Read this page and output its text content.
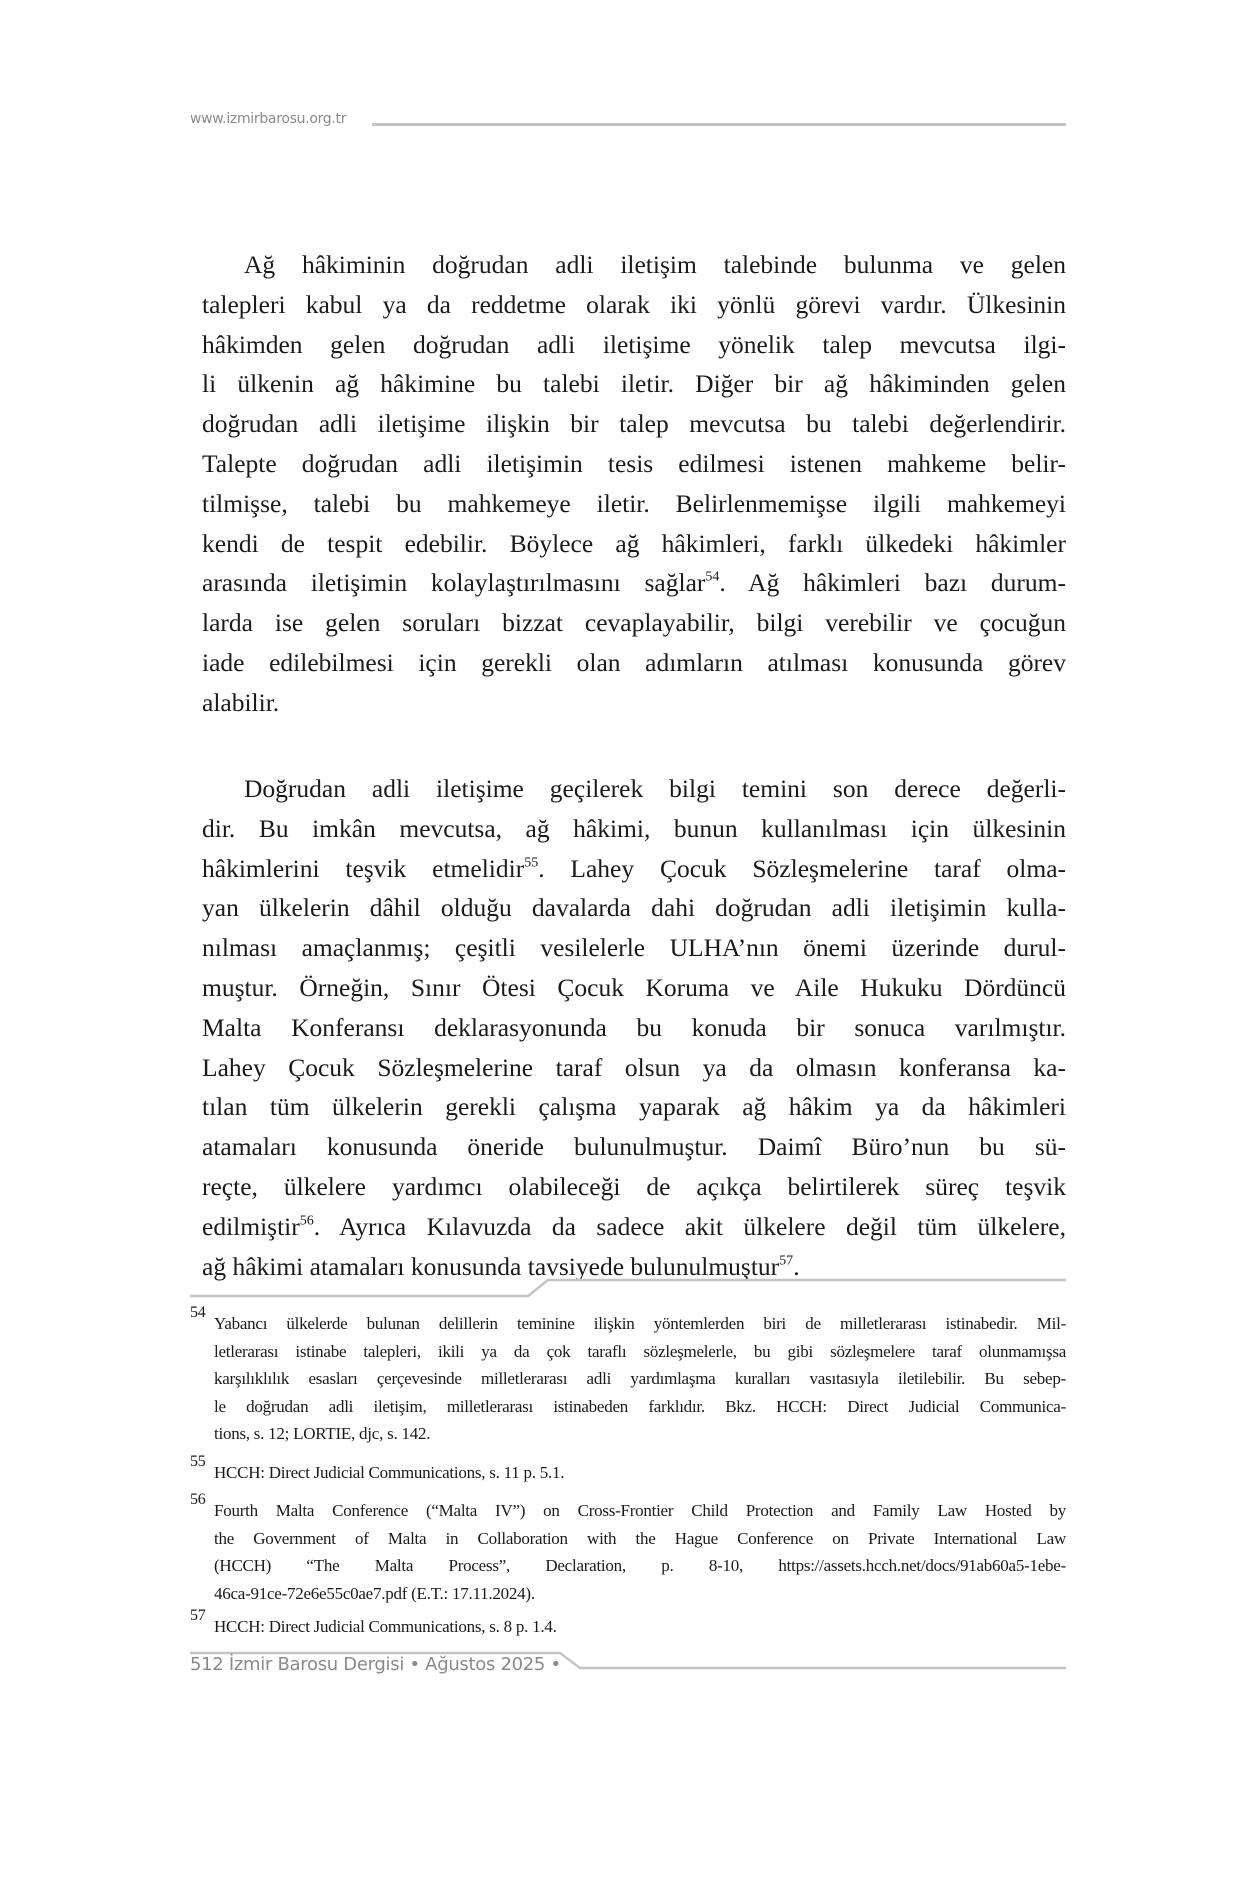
www.izmirbarosu.org.tr
Ağ hâkiminin doğrudan adli iletişim talebinde bulunma ve gelen
talepleri kabul ya da reddetme olarak iki yönlü görevi vardır. Ülkesinin
hâkimden gelen doğrudan adli iletişime yönelik talep mevcutsa ilgi-
li ülkenin ağ hâkimine bu talebi iletir. Diğer bir ağ hâkiminden gelen
doğrudan adli iletişime ilişkin bir talep mevcutsa bu talebi değerlendirir.
Talepte doğrudan adli iletişimin tesis edilmesi istenen mahkeme belir-
tilmişse, talebi bu mahkemeye iletir. Belirlenmemişse ilgili mahkemeyi
kendi de tespit edebilir. Böylece ağ hâkimleri, farklı ülkedeki hâkimler
arasında iletişimin kolaylaştırılmasını sağlar$^{54}$. Ağ hâkimleri bazı durum-
larda ise gelen soruları bizzat cevaplayabilir, bilgi verebilir ve çocuğun
iade edilebilmesi için gerekli olan adımların atılması konusunda görev
alabilir.
Doğrudan adli iletişime geçilerek bilgi temini son derece değerli-
dir. Bu imkân mevcutsa, ağ hâkimi, bunun kullanılması için ülkesinin
hâkimlerini teşvik etmelidir$^{55}$. Lahey Çocuk Sözleşmelerine taraf olma-
yan ülkelerin dâhil olduğu davalarda dahi doğrudan adli iletişimin kulla-
nılması amaçlanmış; çeşitli vesilelerle ULHA’nın önemi üzerinde durul-
muştur. Örneğin, Sınır Ötesi Çocuk Koruma ve Aile Hukuku Dördüncü
Malta Konferansı deklarasyonunda bu konuda bir sonuca varılmıştır.
Lahey Çocuk Sözleşmelerine taraf olsun ya da olmasın konferansa ka-
tılan tüm ülkelerin gerekli çalışma yaparak ağ hâkim ya da hâkimleri
atamaları konusunda öneride bulunulmuştur. Daimî Büro’nun bu sü-
reçte, ülkelere yardımcı olabileceği de açıkça belirtilerek süreç teşvik
edilmiştir$^{56}$. Ayrıca Kılavuzda da sadece akit ülkelere değil tüm ülkelere,
ağ hâkimi atamaları konusunda tavsiyede bulunulmuştur$^{57}$.
54
Yabancı ülkelerde bulunan delillerin teminine ilişkin yöntemlerden biri de milletlerarası istinabedir. Mil-
letlerarası istinabe talepleri, ikili ya da çok taraflı sözleşmelerle, bu gibi sözleşmelere taraf olunmamışsa
karşılıklılık esasları çerçevesinde milletlerarası adli yardımlaşma kuralları vasıtasıyla iletilebilir. Bu sebep-
le doğrudan adli iletişim, milletlerarası istinabeden farklıdır. Bkz. HCCH: Direct Judicial Communica-
tions, s. 12; LORTIE, djc, s. 142.
55
HCCH: Direct Judicial Communications, s. 11 p. 5.1.
56
Fourth Malta Conference (“Malta IV”) on Cross-Frontier Child Protection and Family Law Hosted by
the Government of Malta in Collaboration with the Hague Conference on Private International Law
(HCCH) “The Malta Process”, Declaration, p. 8-10, https://assets.hcch.net/docs/91ab60a5-1ebe-
46ca-91ce-72e6e55c0ae7.pdf (E.T.: 17.11.2024).
57
HCCH: Direct Judicial Communications, s. 8 p. 1.4.
512 İzmir Barosu Dergisi • Ağustos 2025 •
